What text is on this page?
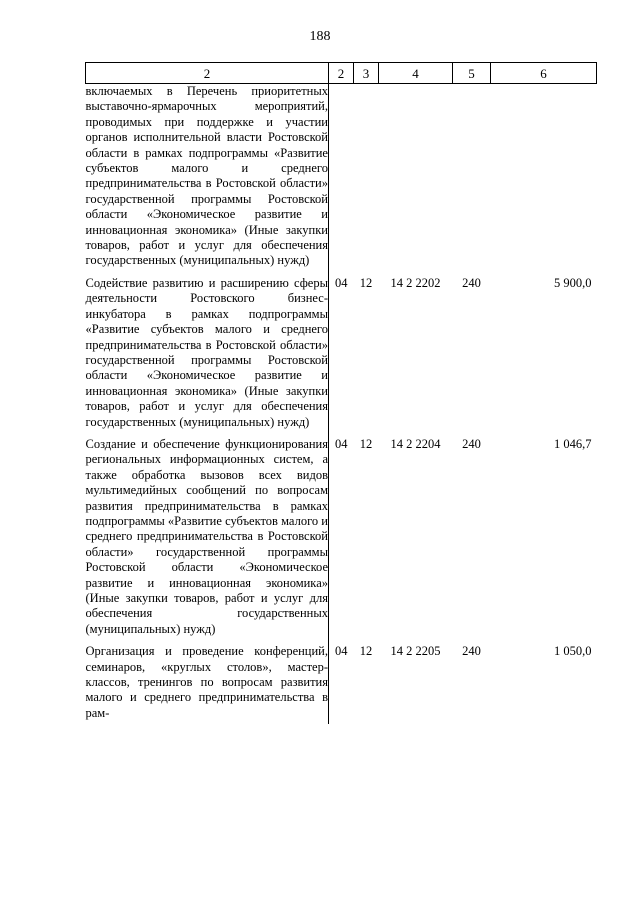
188
2	2	3	4	5	6
включаемых в Перечень приоритетных выставочно-ярмарочных мероприятий, проводимых при поддержке и участии органов исполнительной власти Ростовской области в рамках подпрограммы «Развитие субъектов малого и среднего предпринимательства в Ростовской области» государственной программы Ростовской области «Экономическое развитие и инновационная экономика» (Иные закупки товаров, работ и услуг для обеспечения государственных (муниципальных) нужд)					
Содействие развитию и расширению сферы деятельности Ростовского бизнес-инкубатора в рамках подпрограммы «Развитие субъектов малого и среднего предпринимательства в Ростовской области» государственной программы Ростовской области «Экономическое развитие и инновационная экономика» (Иные закупки товаров, работ и услуг для обеспечения государственных (муниципальных) нужд)	04	12	14 2 2202	240	5 900,0
Создание и обеспечение функционирования региональных информационных систем, а также обработка вызовов всех видов мультимедийных сообщений по вопросам развития предпринимательства в рамках подпрограммы «Развитие субъектов малого и среднего предпринимательства в Ростовской области» государственной программы Ростовской области «Экономическое развитие и инновационная экономика» (Иные закупки товаров, работ и услуг для обеспечения государственных (муниципальных) нужд)	04	12	14 2 2204	240	1 046,7
Организация и проведение конференций, семинаров, «круглых столов», мастер-классов, тренингов по вопросам развития малого и среднего предпринимательства в рам-	04	12	14 2 2205	240	1 050,0
